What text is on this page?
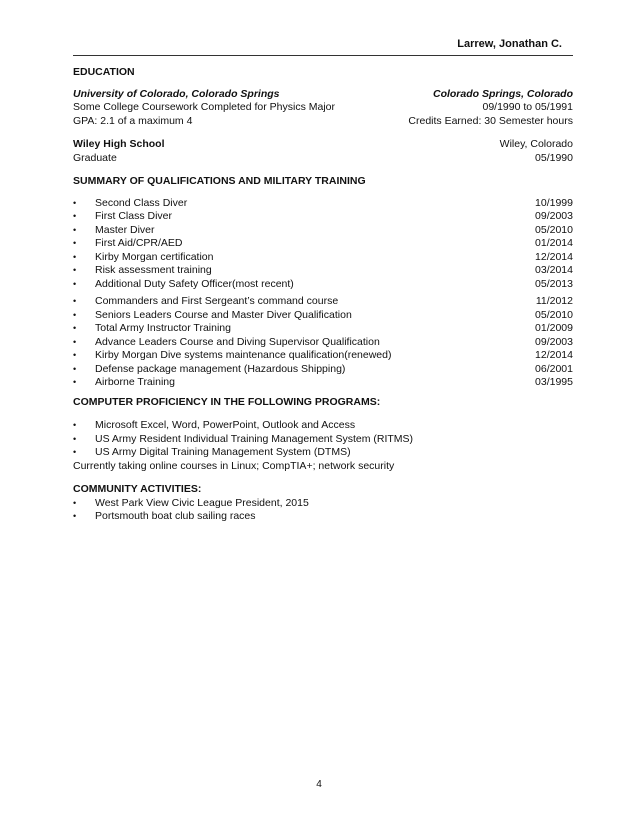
Larrew, Jonathan C.
EDUCATION
University of Colorado, Colorado Springs	Colorado Springs, Colorado
Some College Coursework Completed for Physics Major	09/1990 to 05/1991
GPA: 2.1 of a maximum 4	Credits Earned: 30 Semester hours
Wiley High School	Wiley, Colorado
Graduate	05/1990
SUMMARY OF QUALIFICATIONS AND MILITARY TRAINING
•	Second Class Diver	10/1999
•	First Class Diver	09/2003
•	Master Diver	05/2010
•	First Aid/CPR/AED	01/2014
•	Kirby Morgan certification	12/2014
•	Risk assessment training	03/2014
•	Additional Duty Safety Officer(most recent)	05/2013
•	Commanders and First Sergeant’s command course	11/2012
•	Seniors Leaders Course and Master Diver Qualification	05/2010
•	Total Army Instructor Training	01/2009
•	Advance Leaders Course and Diving Supervisor Qualification	09/2003
•	Kirby Morgan Dive systems maintenance qualification(renewed)	12/2014
•	Defense package management (Hazardous Shipping)	06/2001
•	Airborne Training	03/1995
COMPUTER PROFICIENCY IN THE FOLLOWING PROGRAMS:
•	Microsoft Excel, Word, PowerPoint, Outlook and Access
•	US Army Resident Individual Training Management System (RITMS)
•	US Army Digital Training Management System (DTMS)
Currently taking online courses in Linux; CompTIA+; network security
COMMUNITY ACTIVITIES:
•	West Park View Civic League President, 2015
•	Portsmouth boat club sailing races
4
